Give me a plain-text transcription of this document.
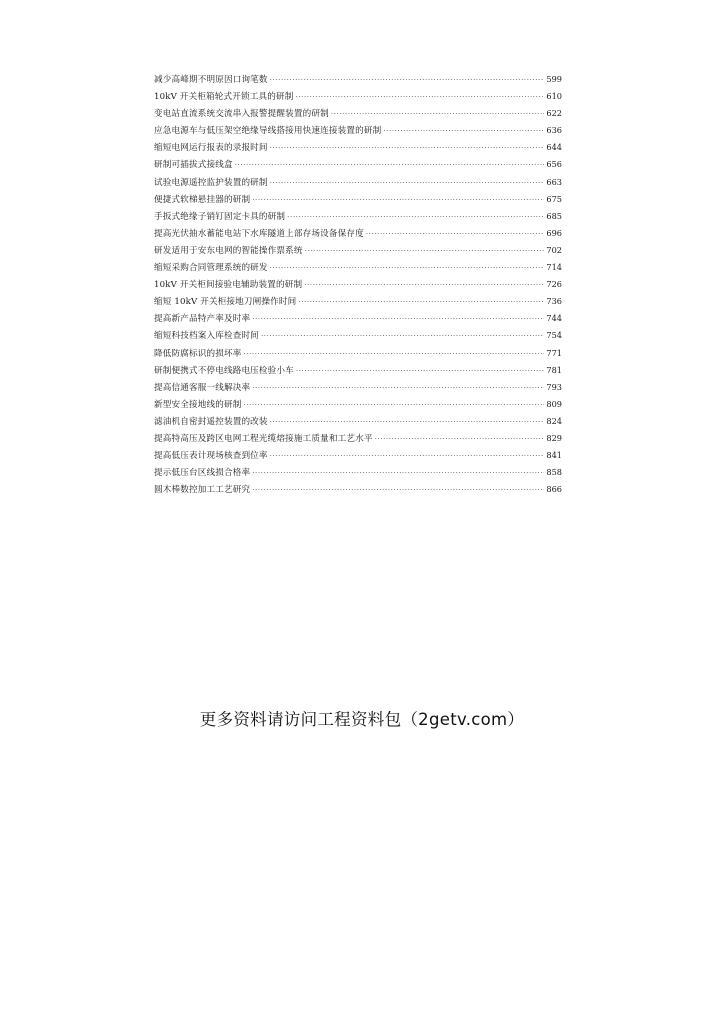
减少高峰期不明原因口询笔数 ·····	599
10kV 开关柜箱轮式开锁工具的研制 ·····	610
变电站直流系统交流串入报警提醒装置的研制 ·····	622
应急电源车与低压架空绝缘导线搭接用快速连接装置的研制 ·····	636
缩短电网运行报表的录报时间 ·····	644
研制可插拔式接线盒 ·····	656
试验电源遥控监护装置的研制 ·····	663
便捷式软梯悬挂器的研制 ·····	675
手扳式绝缘子销钉固定卡具的研制 ·····	685
提高光伏抽水蓄能电站下水库隧道上部存场设备保存度 ·····	696
研发适用于安东电网的智能操作票系统 ·····	702
缩短采购合同管理系统的研发 ·····	714
10kV 开关柜间接验电辅助装置的研制 ·····	726
缩短 10kV 开关柜接地刀闸操作时间 ·····	736
提高新产品特产率及时率 ·····	744
缩短科技档案入库检查时间 ·····	754
降低防腐标识的损坏率 ·····	771
研制便携式不停电线路电压检验小车 ·····	781
提高信通客服一线解决率 ·····	793
新型安全接地线的研制 ·····	809
滤油机自密封遥控装置的改装 ·····	824
提高特高压及跨区电网工程光缆熔接施工质量和工艺水平 ·····	829
提高低压表计现场核查到位率 ·····	841
提示低压台区线损合格率 ·····	858
圆木棒数控加工工艺研究 ·····	866
更多资料请访问工程资料包（2getv.com）
